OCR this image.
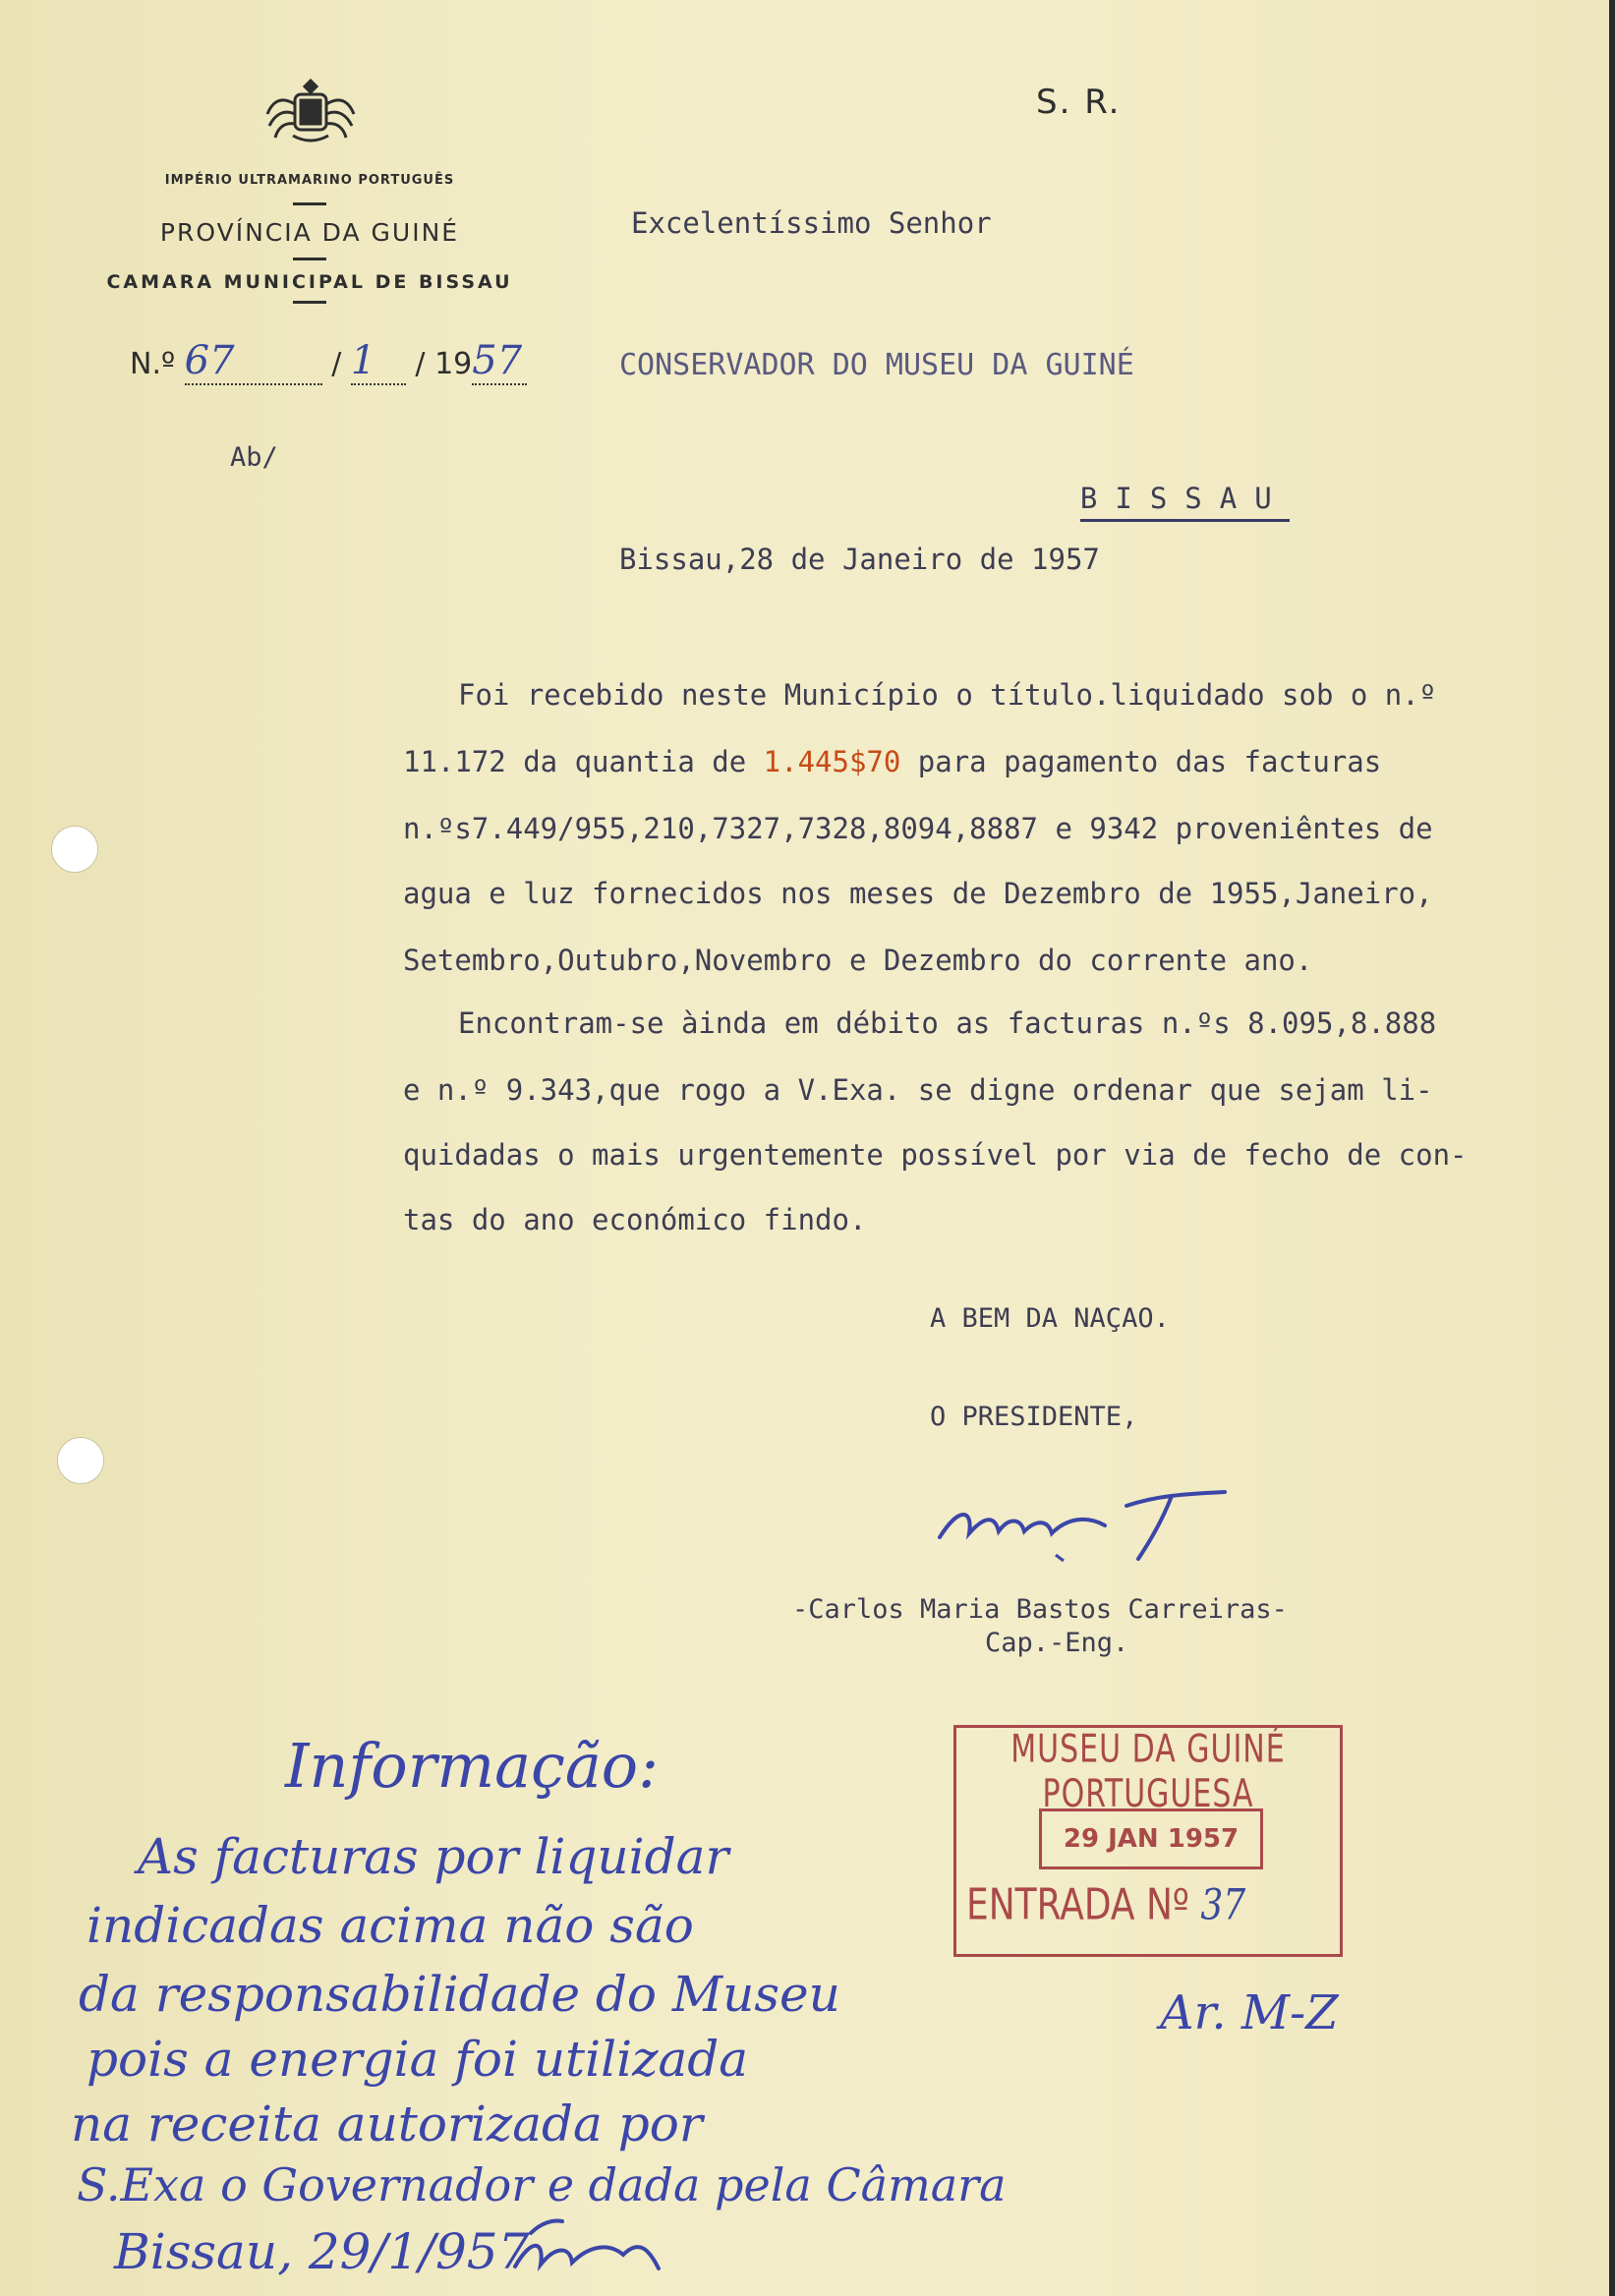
IMPÉRIO ULTRAMARINO PORTUGUÊS
PROVÍNCIA DA GUINÉ
CAMARA MUNICIPAL DE BISSAU
N.º 67	/ 1 / 1957
Ab/
S. R.
Excelentíssimo Senhor
CONSERVADOR DO MUSEU DA GUINÉ

BISSAU

Bissau,28 de Janeiro de 1957
Foi recebido neste Município o título.liquidado sob o n.º
11.172 da quantia de 1.445$70 para pagamento das facturas
n.ºs7.449/955,210,7327,7328,8094,8887 e 9342 proveniêntes de
agua e luz fornecidos nos meses de Dezembro de 1955,Janeiro,
Setembro,Outubro,Novembro e Dezembro do corrente ano.
Encontram-se àinda em débito as facturas n.ºs 8.095,8.888
e n.º 9.343,que rogo a V.Exa. se digne ordenar que sejam li-
quidadas o mais urgentemente possível por via de fecho de con-
tas do ano económico findo.
A BEM DA NAÇAO.
O PRESIDENTE,
-Carlos Maria Bastos Carreiras-
Cap.-Eng.
MUSEU DA GUINÉ PORTUGUESA
29 JAN 1957
ENTRADA Nº 37
Ar. M-Z
Informação:
As facturas por liquidar
indicadas acima não são
da responsabilidade do Museu
pois a energia foi utilizada
na receita autorizada por
S.Exa o Governador e dada pela Câmara
Bissau, 29/1/957
